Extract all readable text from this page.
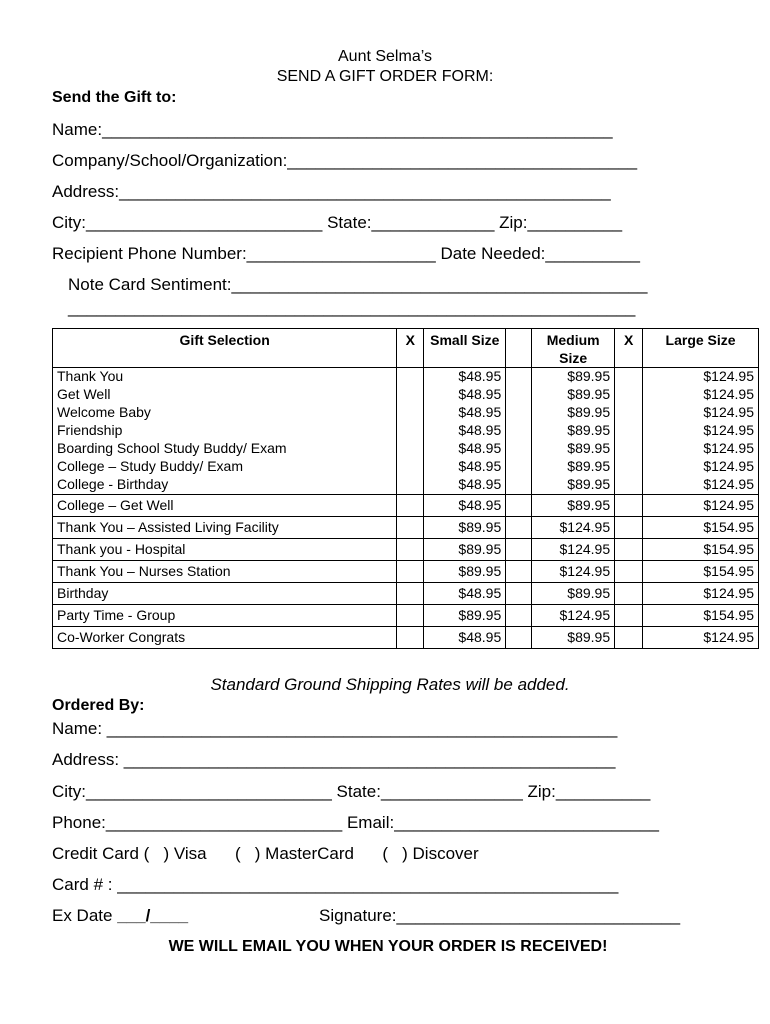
Aunt Selma’s
SEND A GIFT ORDER FORM:
Send the Gift to:
Name:______________________________________________________
Company/School/Organization:_____________________________________
Address:____________________________________________________
City:_________________________ State:_____________ Zip:__________
Recipient Phone Number:____________________ Date Needed:__________
Note Card Sentiment:____________________________________________
____________________________________________________________
Gift Selection	X	Small Size		Medium Size	X	Large Size
Thank You		$48.95		$89.95		$124.95
Get Well		$48.95		$89.95		$124.95
Welcome Baby		$48.95		$89.95		$124.95
Friendship		$48.95		$89.95		$124.95
Boarding School Study Buddy/ Exam		$48.95		$89.95		$124.95
College – Study Buddy/ Exam		$48.95		$89.95		$124.95
College - Birthday		$48.95		$89.95		$124.95
College – Get Well		$48.95		$89.95		$124.95
Thank You – Assisted Living Facility		$89.95		$124.95		$154.95
Thank you - Hospital		$89.95		$124.95		$154.95
Thank You – Nurses Station		$89.95		$124.95		$154.95
Birthday		$48.95		$89.95		$124.95
Party Time - Group		$89.95		$124.95		$154.95
Co-Worker Congrats		$48.95		$89.95		$124.95
Standard Ground Shipping Rates will be added.
Ordered By:
Name: ______________________________________________________
Address: ____________________________________________________
City:__________________________ State:_______________ Zip:__________
Phone:_________________________ Email:____________________________
Credit Card (   ) Visa      (   ) MasterCard      (   ) Discover
Card # : _____________________________________________________
Ex Date ___/____	Signature:______________________________
WE WILL EMAIL YOU WHEN YOUR ORDER IS RECEIVED!
